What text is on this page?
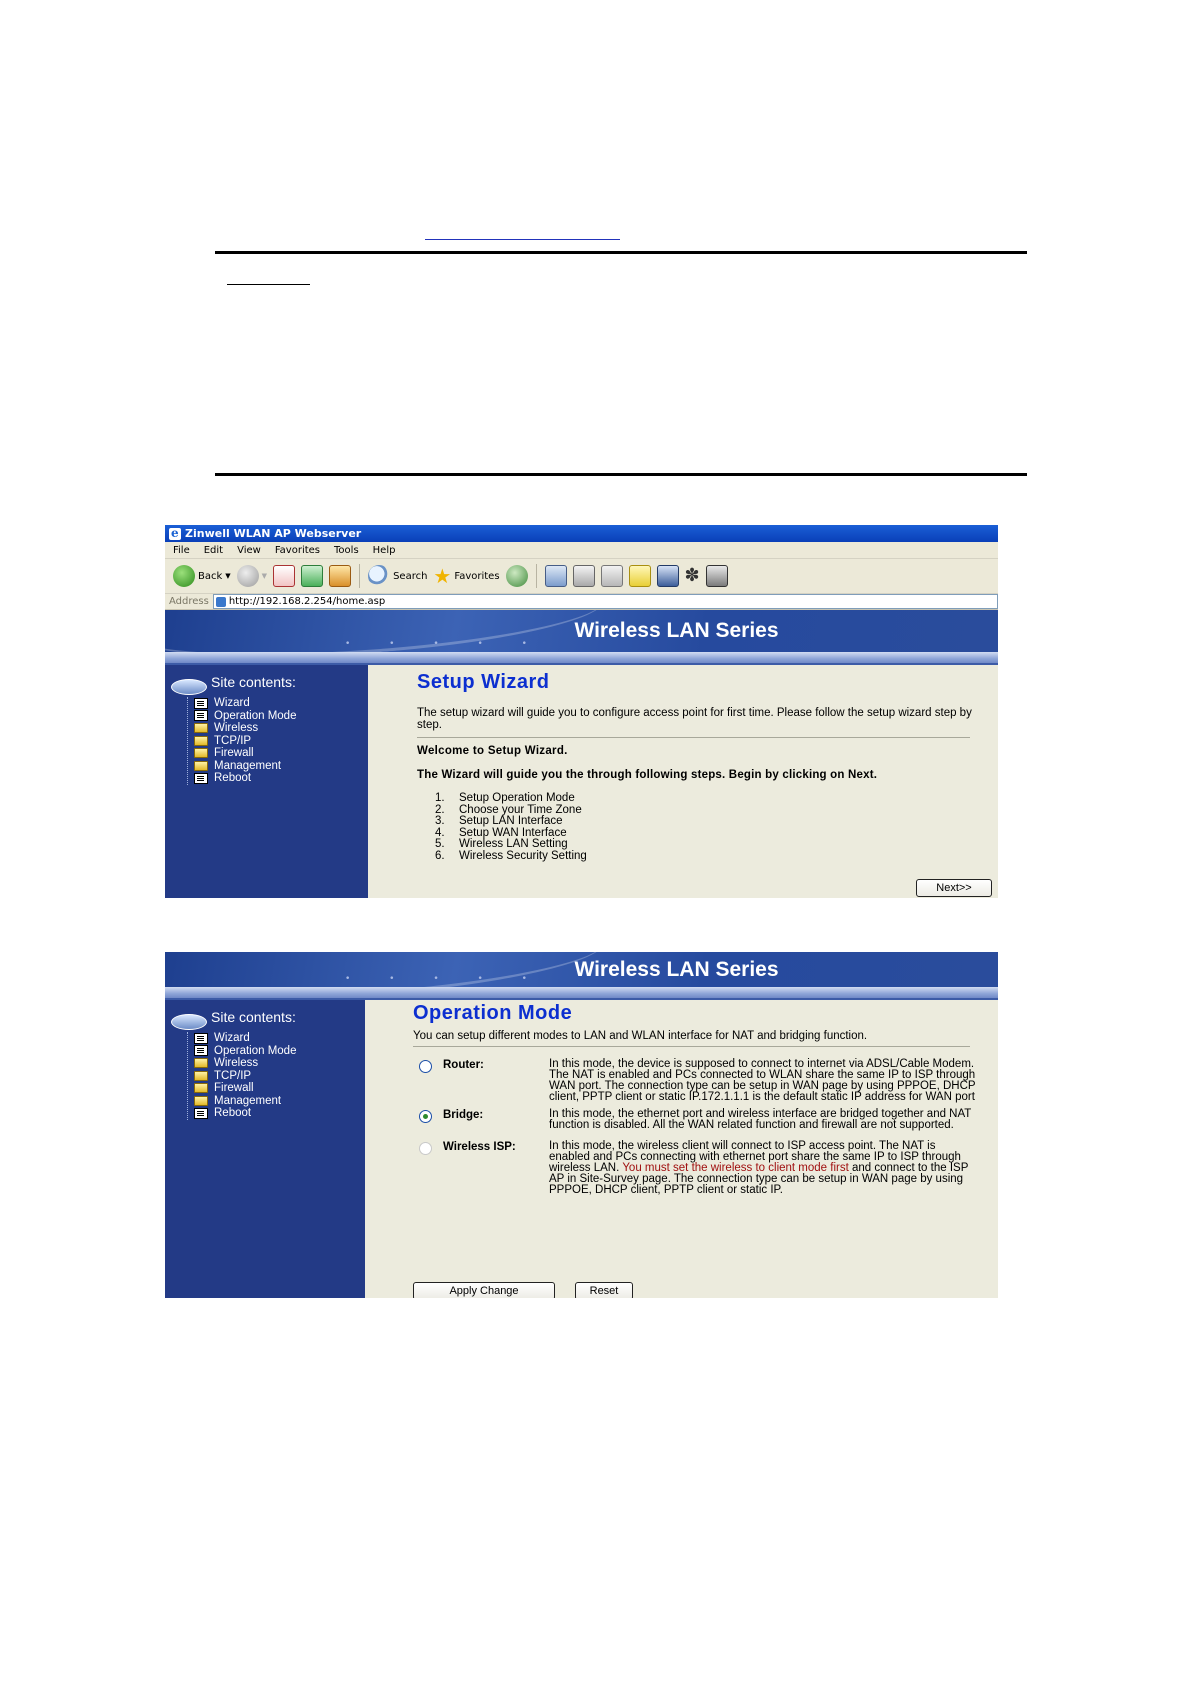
e
Zinwell WLAN AP Webserver
File Edit View Favorites Tools Help
Back ▼	▼	Search ★ Favorites	✽
Address	http://192.168.2.254/home.asp
• • • • •
Wireless LAN Series
Site contents:
Wizard
Operation Mode
Wireless
TCP/IP
Firewall
Management
Reboot
Setup Wizard

The setup wizard will guide you to configure access point for first time. Please follow the setup wizard step by step.

Welcome to Setup Wizard.

The Wizard will guide you the through following steps. Begin by clicking on Next.

1. Setup Operation Mode
2. Choose your Time Zone
3. Setup LAN Interface
4. Setup WAN Interface
5. Wireless LAN Setting
6. Wireless Security Setting
Next>>
• • • • •	Wireless LAN Series
Site contents:
Wizard
Operation Mode
Wireless
TCP/IP
Firewall
Management
Reboot
Operation Mode

You can setup different modes to LAN and WLAN interface for NAT and bridging function.

Router:	In this mode, the device is supposed to connect to internet via ADSL/Cable Modem. The NAT is enabled and PCs connected to WLAN share the same IP to ISP through WAN port. The connection type can be setup in WAN page by using PPPOE, DHCP client, PPTP client or static IP.172.1.1.1 is the default static IP address for WAN port

Bridge:	In this mode, the ethernet port and wireless interface are bridged together and NAT function is disabled. All the WAN related function and firewall are not supported.

Wireless ISP:	In this mode, the wireless client will connect to ISP access point. The NAT is enabled and PCs connecting with ethernet port share the same IP to ISP through wireless LAN. You must set the wireless to client mode first and connect to the ISP AP in Site-Survey page. The connection type can be setup in WAN page by using PPPOE, DHCP client, PPTP client or static IP.

Apply Change	Reset
